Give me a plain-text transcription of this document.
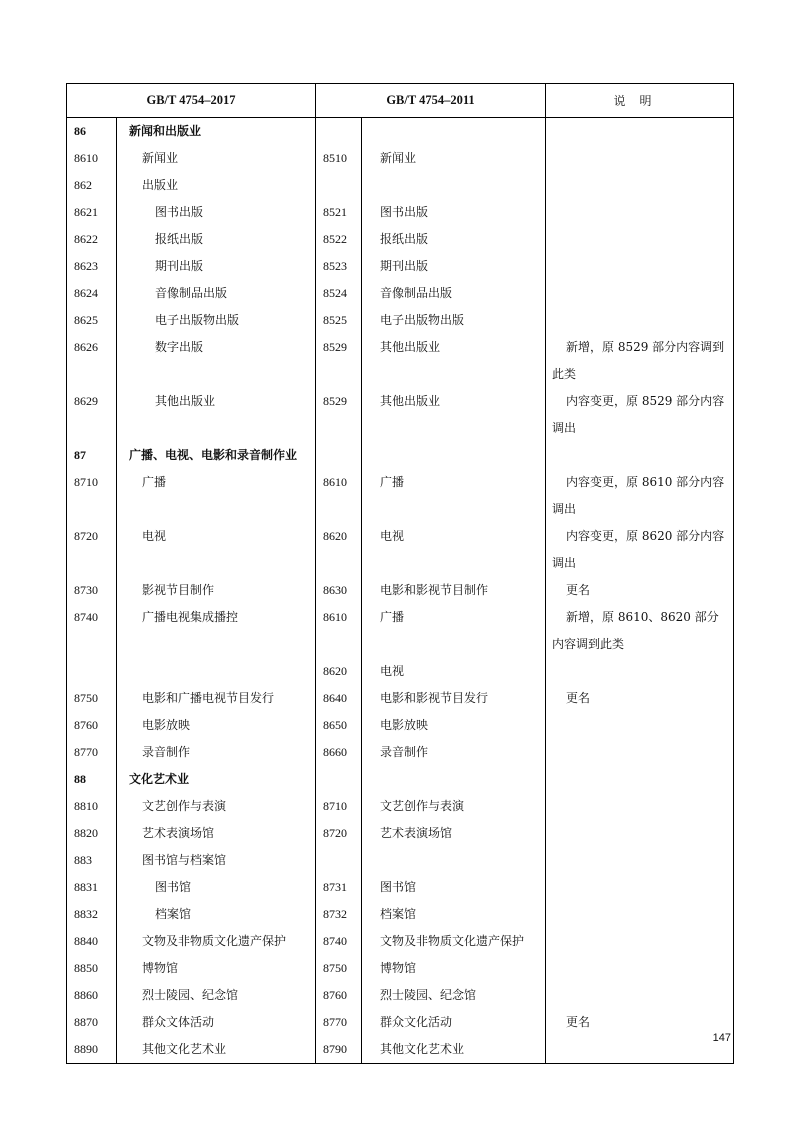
GB/T 4754–2017		GB/T 4754–2011		说明
86	新闻和出版业			
8610	新闻业	8510	新闻业	
862	出版业			
8621	图书出版	8521	图书出版	
8622	报纸出版	8522	报纸出版	
8623	期刊出版	8523	期刊出版	
8624	音像制品出版	8524	音像制品出版	
8625	电子出版物出版	8525	电子出版物出版	
8626	数字出版	8529	其他出版业	新增，原 8529 部分内容调到此类
8629	其他出版业	8529	其他出版业	内容变更，原 8529 部分内容调出
87	广播、电视、电影和录音制作业			
8710	广播	8610	广播	内容变更，原 8610 部分内容调出
8720	电视	8620	电视	内容变更，原 8620 部分内容调出
8730	影视节目制作	8630	电影和影视节目制作	更名
8740	广播电视集成播控	8610	广播	新增，原 8610、8620 部分内容调到此类
		8620	电视	
8750	电影和广播电视节目发行	8640	电影和影视节目发行	更名
8760	电影放映	8650	电影放映	
8770	录音制作	8660	录音制作	
88	文化艺术业			
8810	文艺创作与表演	8710	文艺创作与表演	
8820	艺术表演场馆	8720	艺术表演场馆	
883	图书馆与档案馆			
8831	图书馆	8731	图书馆	
8832	档案馆	8732	档案馆	
8840	文物及非物质文化遗产保护	8740	文物及非物质文化遗产保护	
8850	博物馆	8750	博物馆	
8860	烈士陵园、纪念馆	8760	烈士陵园、纪念馆	
8870	群众文体活动	8770	群众文化活动	更名
8890	其他文化艺术业	8790	其他文化艺术业	
147
